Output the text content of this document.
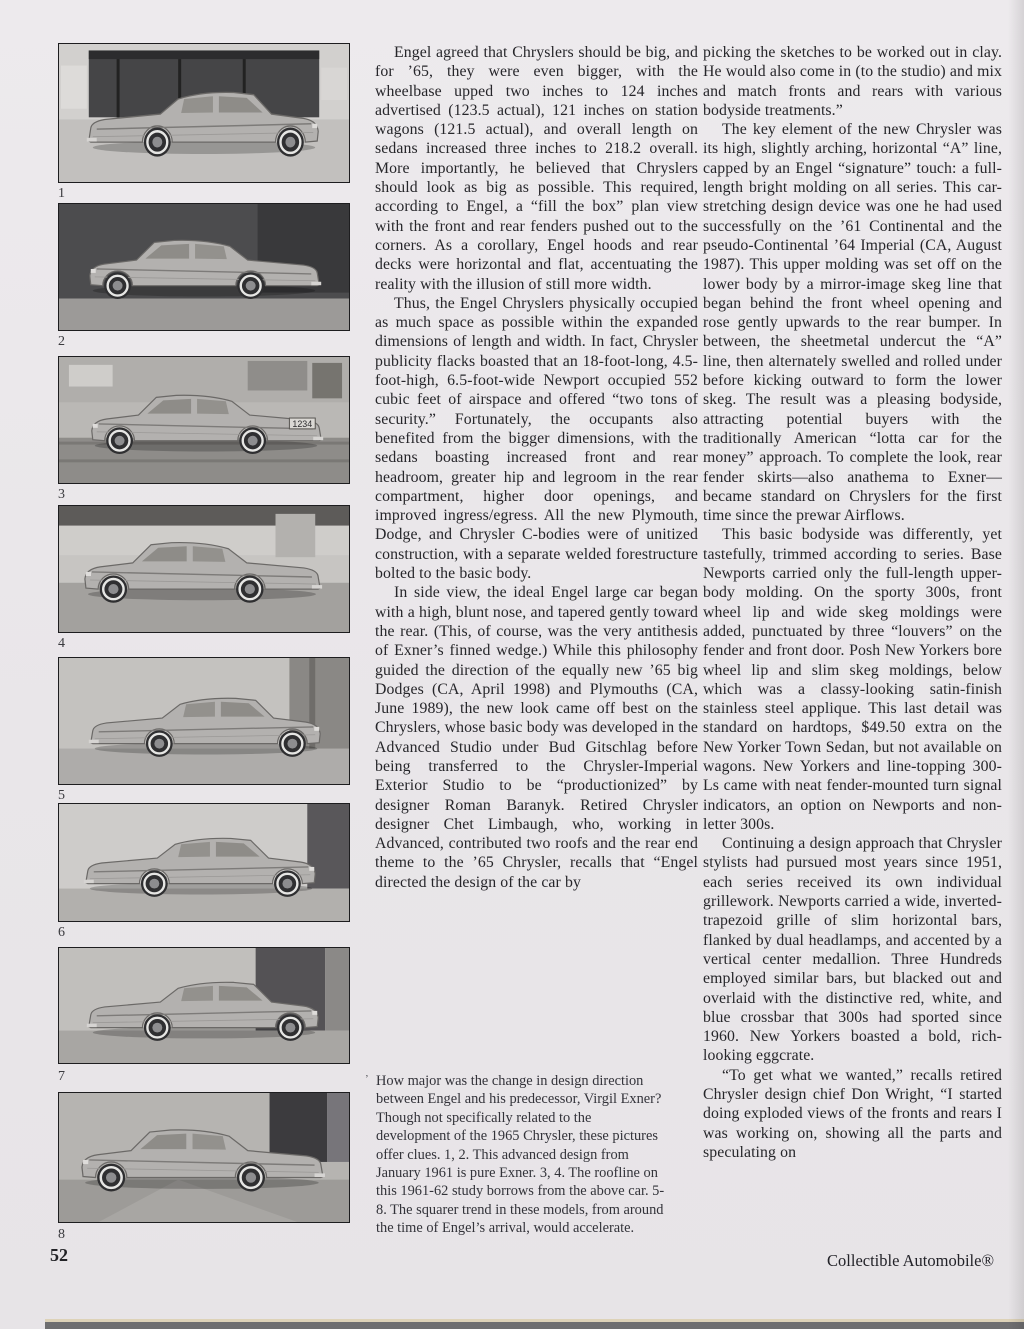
1
2
1234
3
4
5
6
7
8

Engel agreed that Chryslers should be big, and for ’65, they were even bigger, with the wheelbase upped two inches to 124 inches advertised (123.5 actual), 121 inches on station wagons (121.5 actual), and overall length on sedans increased three inches to 218.2 overall. More importantly, he believed that Chryslers should look as big as possible. This required, according to Engel, a “fill the box” plan view with the front and rear fenders pushed out to the corners. As a corollary, Engel hoods and rear decks were horizontal and flat, accentuating the reality with the illusion of still more width.

Thus, the Engel Chryslers physically occupied as much space as possible within the expanded dimensions of length and width. In fact, Chrysler publicity flacks boasted that an 18-foot-long, 4.5-foot-high, 6.5-foot-wide Newport occupied 552 cubic feet of airspace and offered “two tons of security.” Fortunately, the occupants also benefited from the bigger dimensions, with the sedans boasting increased front and rear headroom, greater hip and legroom in the rear compartment, higher door openings, and improved ingress/egress. All the new Plymouth, Dodge, and Chrysler C-bodies were of unitized construction, with a separate welded forestructure bolted to the basic body.

In side view, the ideal Engel large car began with a high, blunt nose, and tapered gently toward the rear. (This, of course, was the very antithesis of Exner’s finned wedge.) While this philosophy guided the direction of the equally new ’65 big Dodges (CA, April 1998) and Plymouths (CA, June 1989), the new look came off best on the Chryslers, whose basic body was developed in the Advanced Studio under Bud Gitschlag before being transferred to the Chrysler-Imperial Exterior Studio to be “productionized” by designer Roman Baranyk. Retired Chrysler designer Chet Limbaugh, who, working in Advanced, contributed two roofs and the rear end theme to the ’65 Chrysler, recalls that “Engel directed the design of the car by

’ How major was the change in design direction between Engel and his predecessor, Virgil Exner? Though not specifically related to the development of the 1965 Chrysler, these pictures offer clues. 1, 2. This advanced design from January 1961 is pure Exner. 3, 4. The roofline on this 1961-62 study borrows from the above car. 5-8. The squarer trend in these models, from around the time of Engel’s arrival, would accelerate.

picking the sketches to be worked out in clay. He would also come in (to the studio) and mix and match fronts and rears with various bodyside treatments.”

The key element of the new Chrysler was its high, slightly arching, horizontal “A” line, capped by an Engel “signature” touch: a full-length bright molding on all series. This car-stretching design device was one he had used successfully on the ’61 Continental and the pseudo-Continental ’64 Imperial (CA, August 1987). This upper molding was set off on the lower body by a mirror-image skeg line that began behind the front wheel opening and rose gently upwards to the rear bumper. In between, the sheetmetal undercut the “A” line, then alternately swelled and rolled under before kicking outward to form the lower skeg. The result was a pleasing bodyside, attracting potential buyers with the traditionally American “lotta car for the money” approach. To complete the look, rear fender skirts—also anathema to Exner—became standard on Chryslers for the first time since the prewar Airflows.

This basic bodyside was differently, yet tastefully, trimmed according to series. Base Newports carried only the full-length upper-body molding. On the sporty 300s, front wheel lip and wide skeg moldings were added, punctuated by three “louvers” on the fender and front door. Posh New Yorkers bore wheel lip and slim skeg moldings, below which was a classy-looking satin-finish stainless steel applique. This last detail was standard on hardtops, $49.50 extra on the New Yorker Town Sedan, but not available on wagons. New Yorkers and line-topping 300-Ls came with neat fender-mounted turn signal indicators, an option on Newports and non-letter 300s.

Continuing a design approach that Chrysler stylists had pursued most years since 1951, each series received its own individual grillework. Newports carried a wide, inverted-trapezoid grille of slim horizontal bars, flanked by dual headlamps, and accented by a vertical center medallion. Three Hundreds employed similar bars, but blacked out and overlaid with the distinctive red, white, and blue crossbar that 300s had sported since 1960. New Yorkers boasted a bold, rich-looking eggcrate.

“To get what we wanted,” recalls retired Chrysler design chief Don Wright, “I started doing exploded views of the fronts and rears I was working on, showing all the parts and speculating on

52	Collectible Automobile®
